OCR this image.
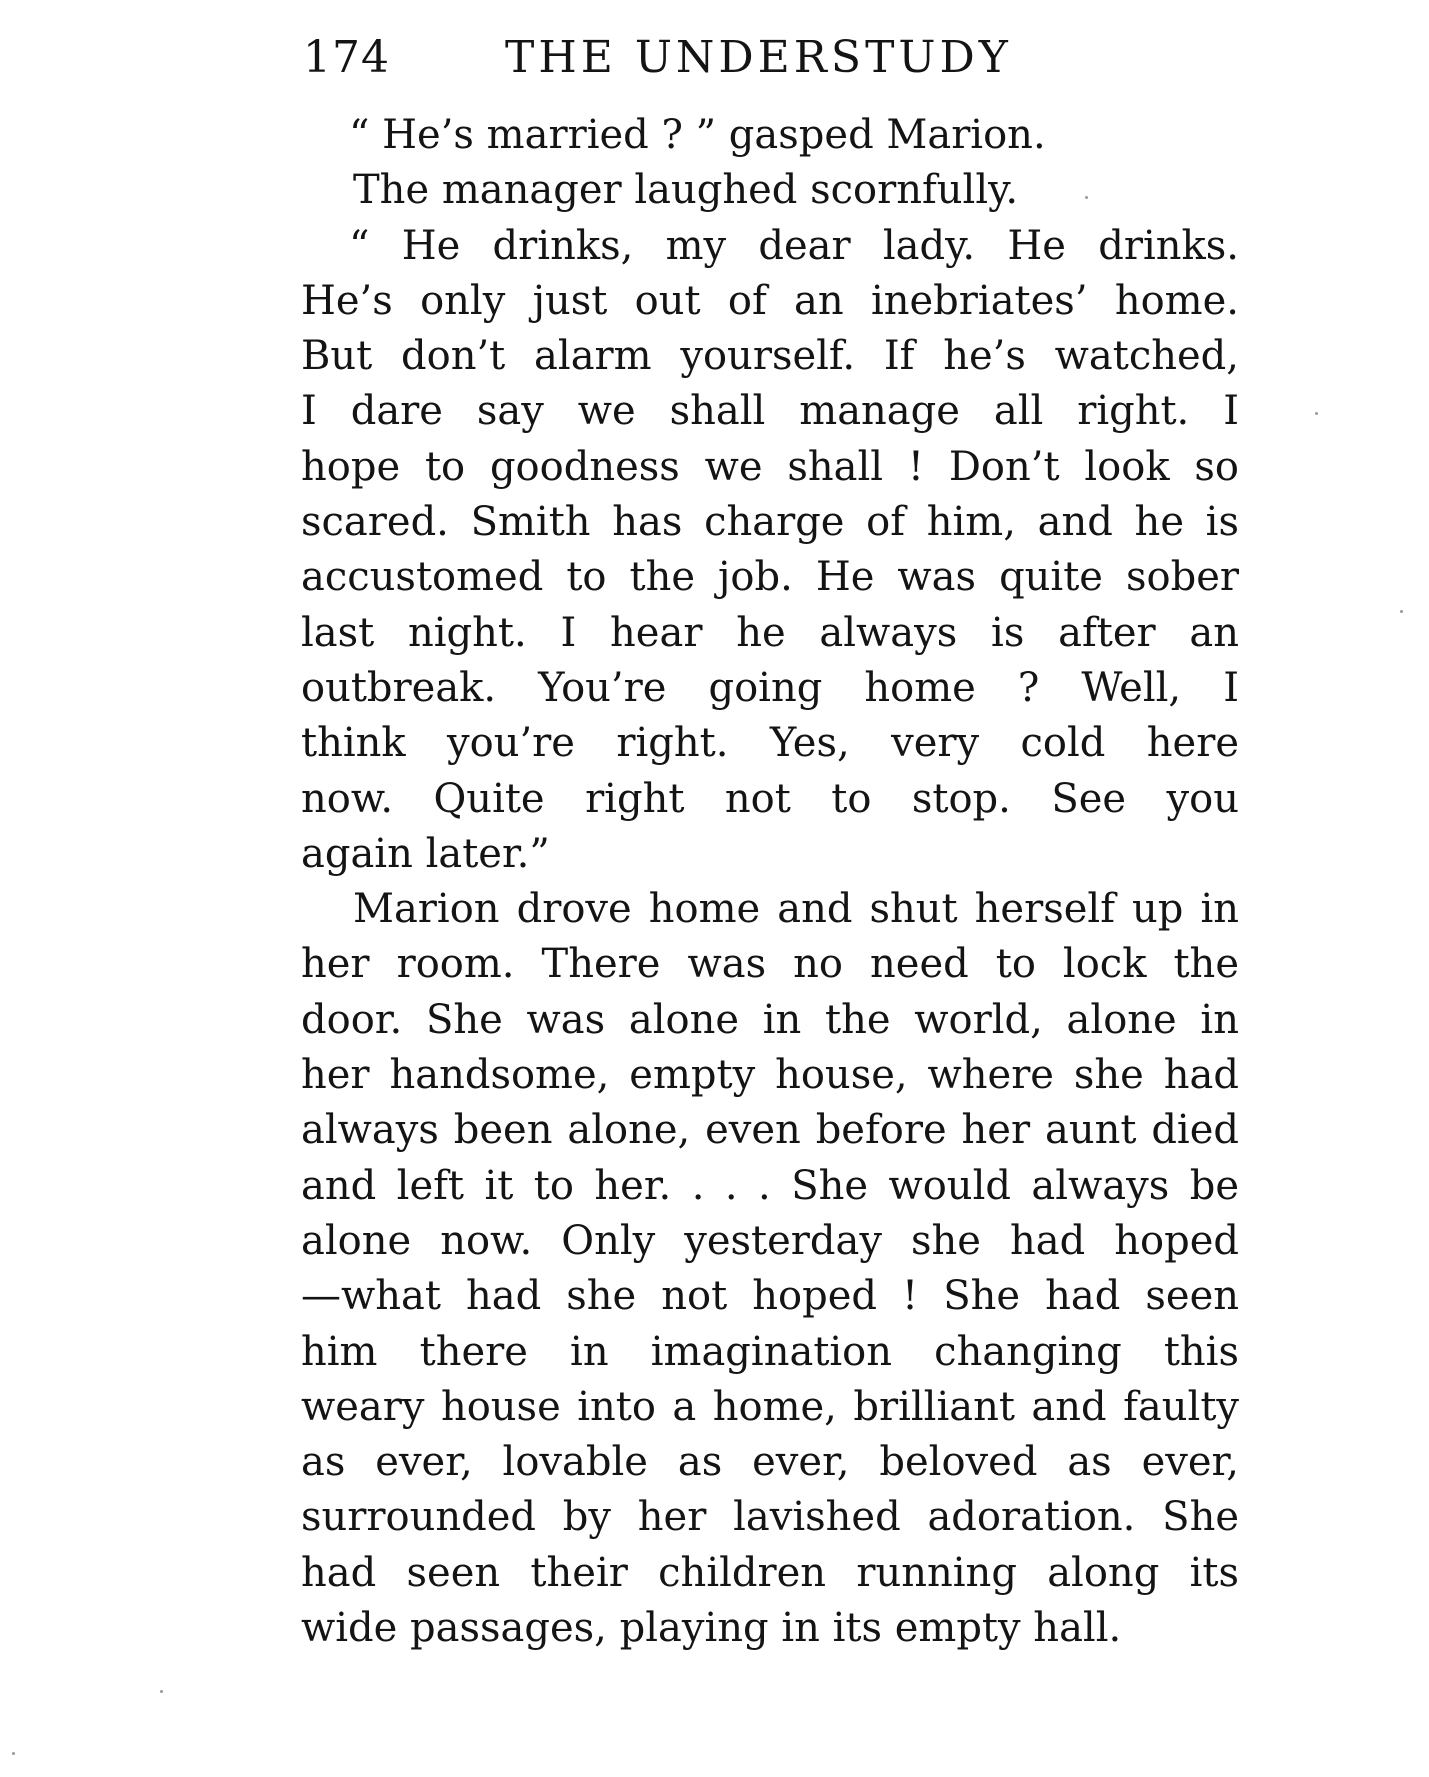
174	THE UNDERSTUDY
“ He’s married ? ” gasped Marion.
The manager laughed scornfully.
“ He drinks, my dear lady. He drinks.
He’s only just out of an inebriates’ home.
But don’t alarm yourself. If he’s watched,
I dare say we shall manage all right. I
hope to goodness we shall ! Don’t look so
scared. Smith has charge of him, and he is
accustomed to the job. He was quite sober
last night. I hear he always is after an
outbreak. You’re going home ? Well, I
think you’re right. Yes, very cold here
now. Quite right not to stop. See you
again later.”
Marion drove home and shut herself up in
her room. There was no need to lock the
door. She was alone in the world, alone in
her handsome, empty house, where she had
always been alone, even before her aunt died
and left it to her. . . . She would always be
alone now. Only yesterday she had hoped
—what had she not hoped ! She had seen
him there in imagination changing this
weary house into a home, brilliant and faulty
as ever, lovable as ever, beloved as ever,
surrounded by her lavished adoration. She
had seen their children running along its
wide passages, playing in its empty hall.
